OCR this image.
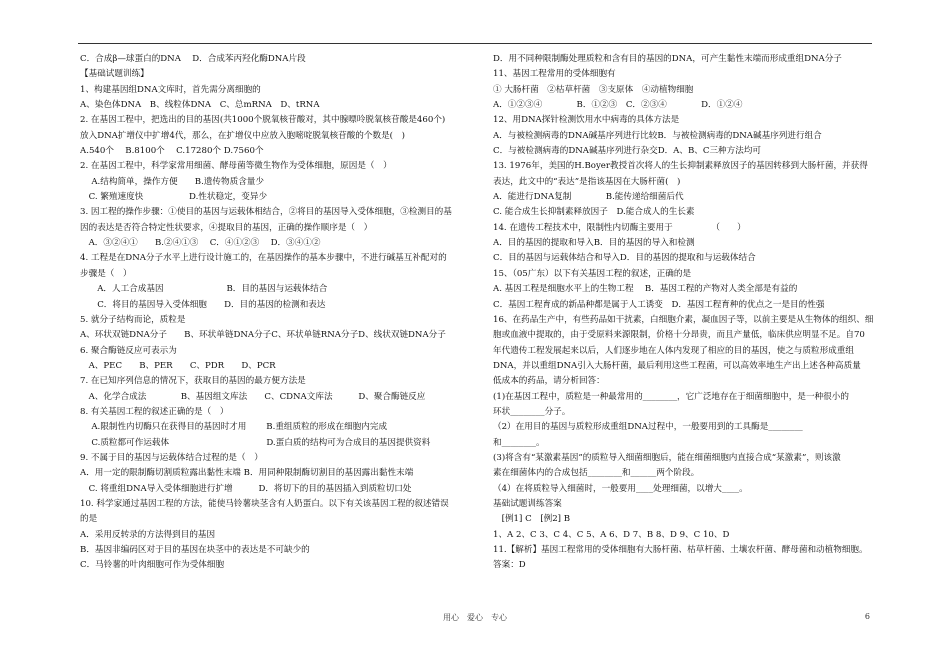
C．合成β—球蛋白的DNA　 D．合成苯丙羟化酶DNA片段
【基础试题训练】
1、构建基因组DNA文库时，首先需分离细胞的
A、染色体DNA　B、线粒体DNA　C、总mRNA　D、tRNA
2. 在基因工程中，把选出的目的基因(共1000个脱氧核苷酸对，其中腺嘌呤脱氧核苷酸是460个)
放入DNA扩增仪中扩增4代，那么，在扩增仪中应放入胞嘧啶脱氧核苷酸的个数是(　)
A.540个　 B.8100个　 C.17280个 D.7560个
2. 在基因工程中，科学家常用细菌、酵母菌等微生物作为受体细胞，原因是（　）
　 A.结构简单，操作方便　　B.遗传物质含量少
　C. 繁殖速度快　　　　　 D.性状稳定，变异少
3. 因工程的操作步骤：①使目的基因与运载体相结合，②将目的基因导入受体细胞，③检测目的基
因的表达是否符合特定性状要求，④提取目的基因，正确的操作顺序是（　）
　A．③②④①　　B.②④①③　 C．④①②③　 D．③④①②
4. 工程是在DNA分子水平上进行设计施工的，在基因操作的基本步骤中，不进行碱基互补配对的
步骤是（　）
　　A．人工合成基因　　　　　　　 B．目的基因与运载体结合
　　C．将目的基因导入受体细胞　　D．目的基因的检测和表达
5. 就分子结构而论，质粒是
A、环状双链DNA分子　　B、环状单链DNA分子C、环状单链RNA分子D、线状双链DNA分子
6. 聚合酶链反应可表示为
　A、PEC　　B、PER　　C、PDR　　D、PCR
7. 在已知序列信息的情况下，获取目的基因的最方便方法是
　A、化学合成法　　　　B、基因组文库法　　C、CDNA文库法　　　D、聚合酶链反应
8. 有关基因工程的叙述正确的是（　）
　 A.限制性内切酶只在获得目的基因时才用　　 B.重组质粒的形成在细胞内完成
　 C.质粒都可作运载体　　　　　　　　　　　 D.蛋白质的结构可为合成目的基因提供资料
9. 不属于目的基因与运载体结合过程的是（　）
A．用一定的限制酶切割质粒露出黏性末端 B．用同种限制酶切割目的基因露出黏性末端
　C. 将重组DNA导入受体细胞进行扩增　　　D．将切下的目的基因插入到质粒切口处
10. 科学家通过基因工程的方法，能使马铃薯块茎含有人奶蛋白。以下有关该基因工程的叙述错误
的是
A．采用反转录的方法得到目的基因
B．基因非编码区对于目的基因在块茎中的表达是不可缺少的
C．马铃薯的叶肉细胞可作为受体细胞
D．用不同种限制酶处理质粒和含有目的基因的DNA，可产生黏性末端而形成重组DNA分子
11、基因工程常用的受体细胞有
① 大肠杆菌　②枯草杆菌　③支原体　④动植物细胞
A．①②③④　　　　B．①②③　C．②③④　　　　D．①②④
12、用DNA探针检测饮用水中病毒的具体方法是
A．与被检测病毒的DNA碱基序列进行比较B．与被检测病毒的DNA碱基序列进行组合
C．与被检测病毒的DNA碱基序列进行杂交D．A、B、C三种方法均可
13. 1976年，美国的H.Boyer教授首次将人的生长抑制素释放因子的基因转移到大肠杆菌，并获得
表达，此文中的“表达”是指该基因在大肠杆菌(　)
A．能进行DNA复制　　　　B.能传递给细菌后代
C. 能合成生长抑制素释放因子　D.能合成人的生长素
14. 在遗传工程技术中，限制性内切酶主要用于　　　　　（　　）
A．目的基因的提取和导入B．目的基因的导入和检测
C．目的基因与运载体结合和导入D．目的基因的提取和与运载体结合
15、（05广东）以下有关基因工程的叙述，正确的是
A. 基因工程是细胞水平上的生物工程　 B．基因工程的产物对人类全部是有益的
C．基因工程育成的新品种都是属于人工诱变　D．基因工程育种的优点之一是目的性强
16、在药品生产中，有些药品如干扰素，白细胞介素，凝血因子等，以前主要是从生物体的组织、细
胞或血液中提取的，由于受原料来源限制，价格十分昂贵，而且产量低，临床供应明显不足。自70
年代遗传工程发展起来以后，人们逐步地在人体内发现了相应的目的基因，使之与质粒形成重组
DNA，并以重组DNA引入大肠杆菌，最后利用这些工程菌，可以高效率地生产出上述各种高质量
低成本的药品，请分析回答：
(1)在基因工程中，质粒是一种最常用的________，它广泛地存在于细菌细胞中，是一种很小的
环状________分子。
（2）在用目的基因与质粒形成重组DNA过程中，一般要用到的工具酶是________
和________。
(3)将含有“某激素基因”的质粒导入细菌细胞后，能在细菌细胞内直接合成“某激素”，则该激
素在细菌体内的合成包括________和______两个阶段。
（4）在将质粒导入细菌时，一般要用____处理细菌，以增大____。
基础试题训练答案
　[例1] C　[例2] B
1、A 2、C 3、C 4、C 5、A 6、D 7、B 8、D 9、C 10、D
11.【解析】基因工程常用的受体细胞有大肠杆菌、枯草杆菌、土壤农杆菌、酵母菌和动植物细胞。
答案：D
用心　爱心　专心	6
